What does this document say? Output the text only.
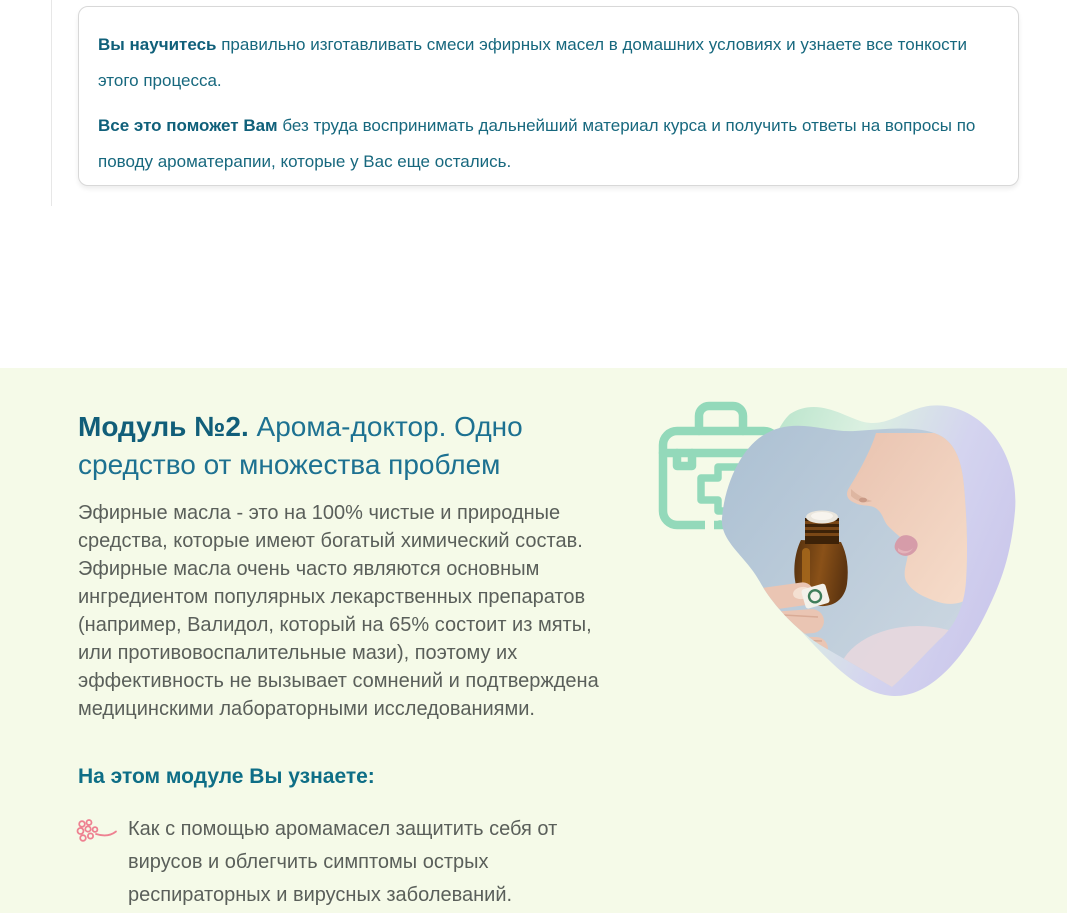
Вы научитесь правильно изготавливать смеси эфирных масел в домашних условиях и узнаете все тонкости этого процесса.

Все это поможет Вам без труда воспринимать дальнейший материал курса и получить ответы на вопросы по поводу ароматерапии, которые у Вас еще остались.

Модуль №2. Арома-доктор. Одно средство от множества проблем

Эфирные масла - это на 100% чистые и природные средства, которые имеют богатый химический состав. Эфирные масла очень часто являются основным ингредиентом популярных лекарственных препаратов (например, Валидол, который на 65% состоит из мяты, или противовоспалительные мази), поэтому их эффективность не вызывает сомнений и подтверждена медицинскими лабораторными исследованиями.

На этом модуле Вы узнаете:
Как с помощью аромамасел защитить себя от вирусов и облегчить симптомы острых респираторных и вирусных заболеваний.
